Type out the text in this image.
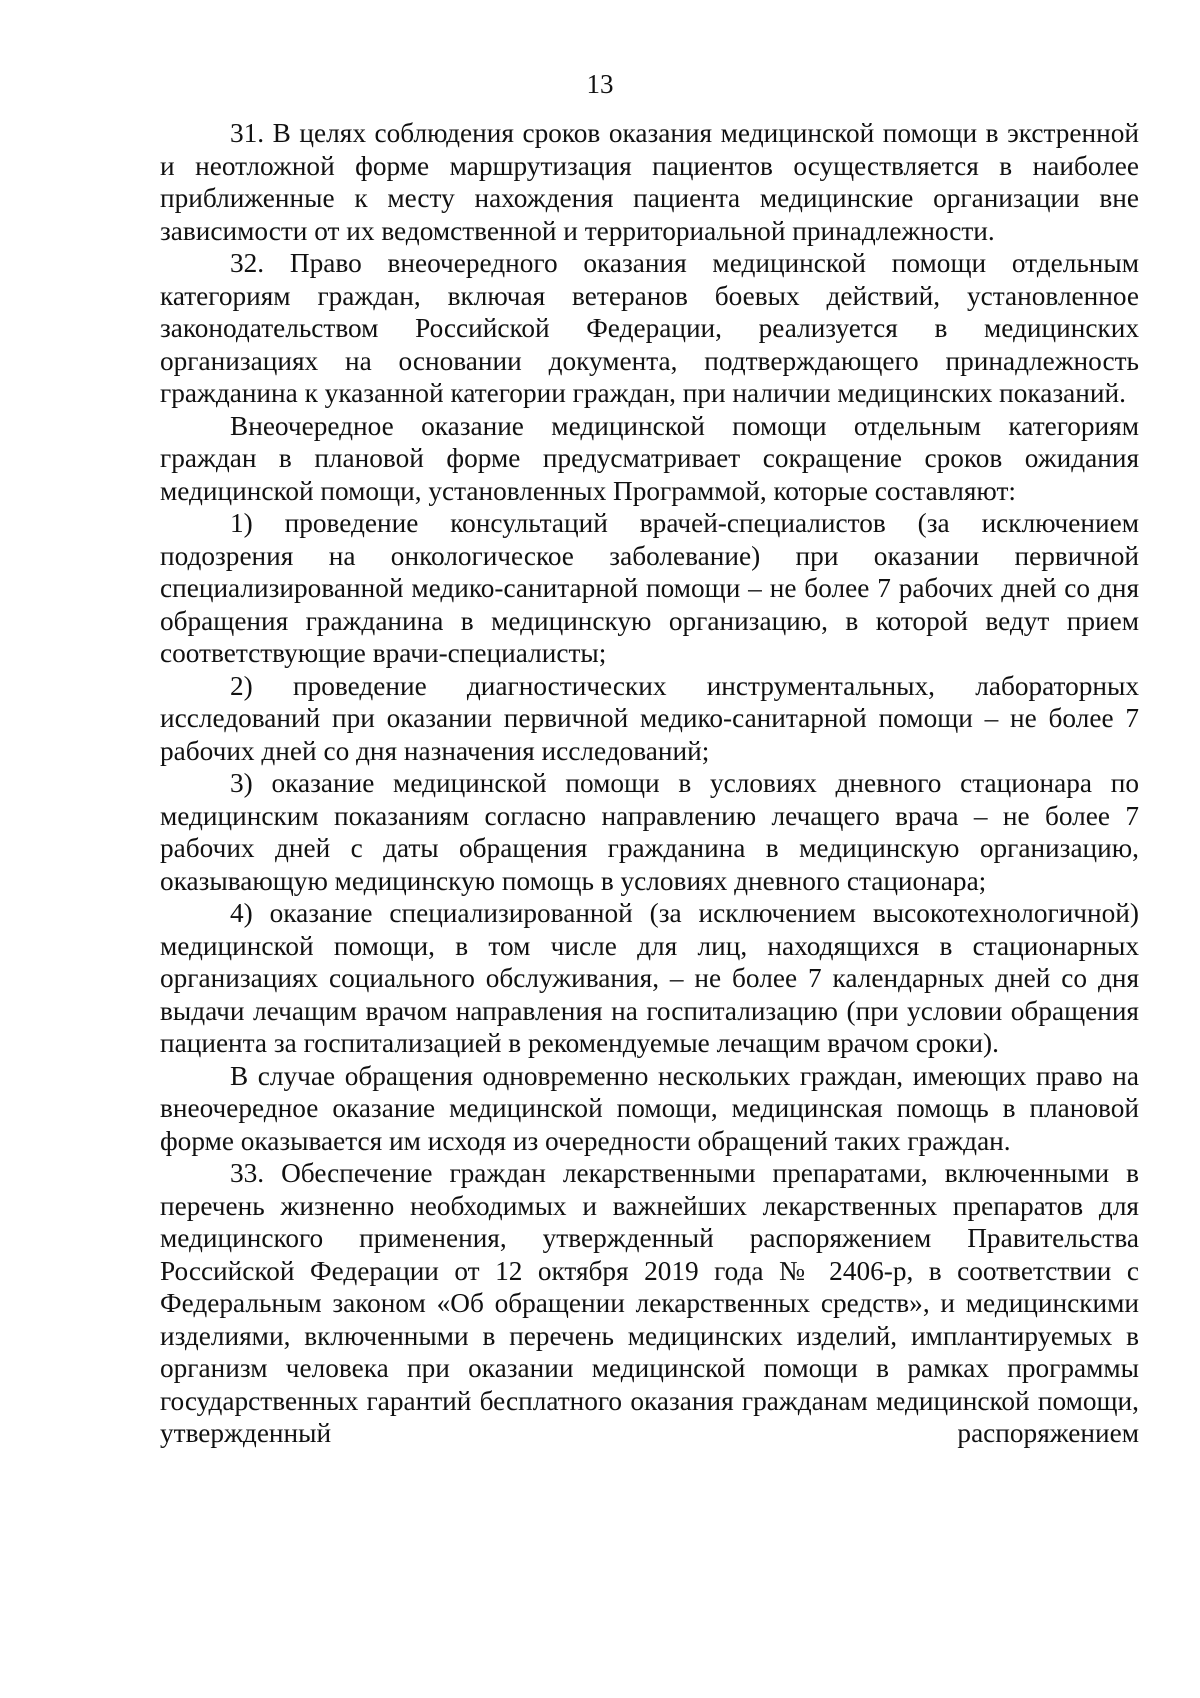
13

31. В целях соблюдения сроков оказания медицинской помощи в экстренной и неотложной форме маршрутизация пациентов осуществляется в наиболее приближенные к месту нахождения пациента медицинские организации вне зависимости от их ведомственной и территориальной принадлежности.

32. Право внеочередного оказания медицинской помощи отдельным категориям граждан, включая ветеранов боевых действий, установленное законодательством Российской Федерации, реализуется в медицинских организациях на основании документа, подтверждающего принадлежность гражданина к указанной категории граждан, при наличии медицинских показаний.

Внеочередное оказание медицинской помощи отдельным категориям граждан в плановой форме предусматривает сокращение сроков ожидания медицинской помощи, установленных Программой, которые составляют:

1) проведение консультаций врачей-специалистов (за исключением подозрения на онкологическое заболевание) при оказании первичной специализированной медико-санитарной помощи – не более 7 рабочих дней со дня обращения гражданина в медицинскую организацию, в которой ведут прием соответствующие врачи-специалисты;

2) проведение диагностических инструментальных, лабораторных исследований при оказании первичной медико-санитарной помощи – не более 7 рабочих дней со дня назначения исследований;

3) оказание медицинской помощи в условиях дневного стационара по медицинским показаниям согласно направлению лечащего врача – не более 7 рабочих дней с даты обращения гражданина в медицинскую организацию, оказывающую медицинскую помощь в условиях дневного стационара;

4) оказание специализированной (за исключением высокотехнологичной) медицинской помощи, в том числе для лиц, находящихся в стационарных организациях социального обслуживания, – не более 7 календарных дней со дня выдачи лечащим врачом направления на госпитализацию (при условии обращения пациента за госпитализацией в рекомендуемые лечащим врачом сроки).

В случае обращения одновременно нескольких граждан, имеющих право на внеочередное оказание медицинской помощи, медицинская помощь в плановой форме оказывается им исходя из очередности обращений таких граждан.

33. Обеспечение граждан лекарственными препаратами, включенными в перечень жизненно необходимых и важнейших лекарственных препаратов для медицинского применения, утвержденный распоряжением Правительства Российской Федерации от 12 октября 2019 года № 2406-р, в соответствии с Федеральным законом «Об обращении лекарственных средств», и медицинскими изделиями, включенными в перечень медицинских изделий, имплантируемых в организм человека при оказании медицинской помощи в рамках программы государственных гарантий бесплатного оказания гражданам медицинской помощи, утвержденный распоряжением
